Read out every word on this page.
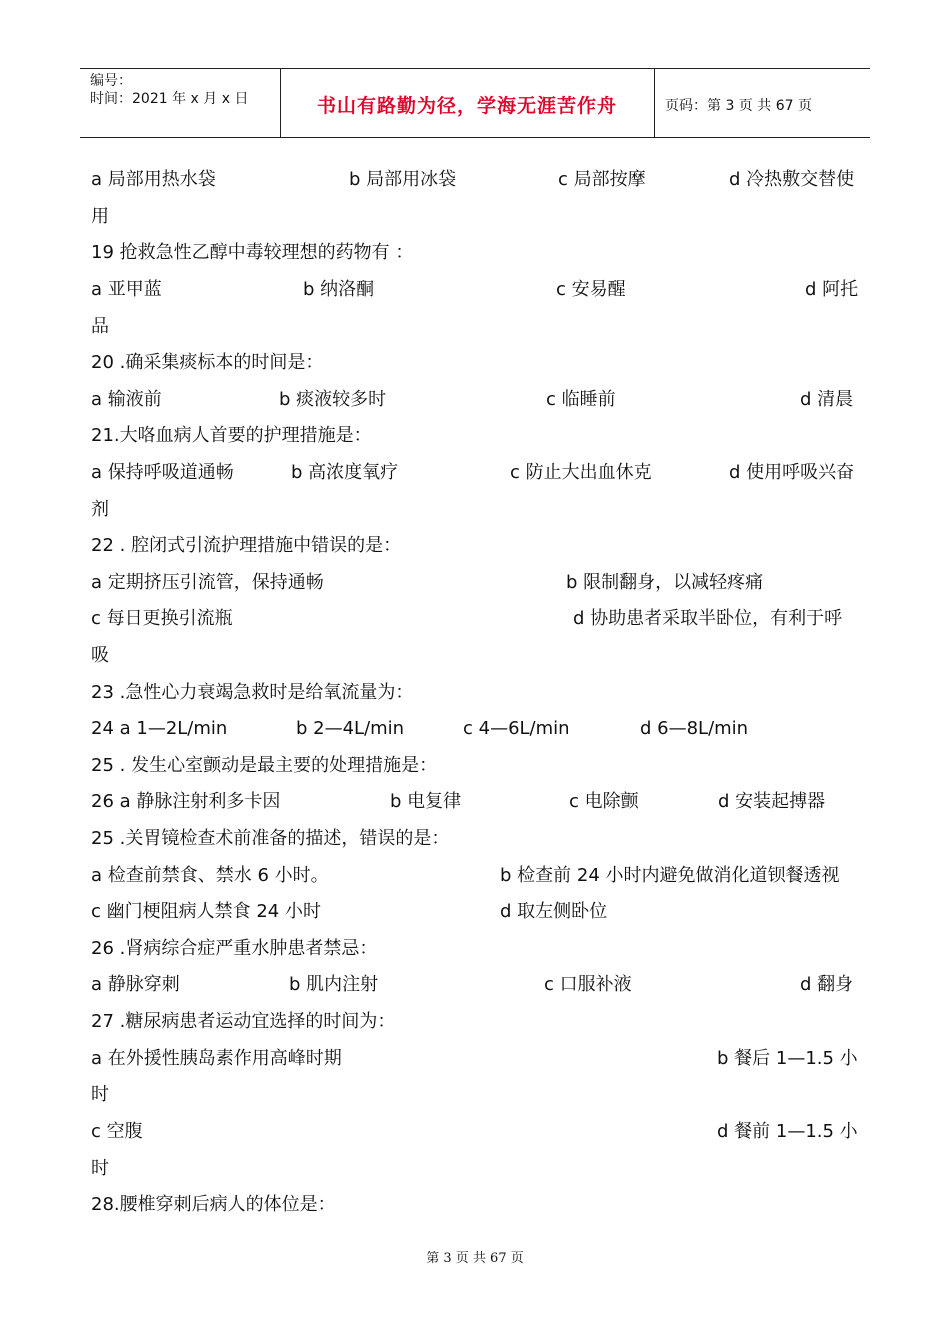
编号：
时间：2021 年 x 月 x 日	书山有路勤为径，学海无涯苦作舟	页码：第 3 页 共 67 页
a 局部用热水袋	b 局部用冰袋	c 局部按摩	d 冷热敷交替使
用
19 抢救急性乙醇中毒较理想的药物有 ：
a 亚甲蓝	b 纳洛酮	c 安易醒	d 阿托
品
20 .确采集痰标本的时间是：
a 输液前	b 痰液较多时	c 临睡前	d 清晨
21.大咯血病人首要的护理措施是：
a 保持呼吸道通畅	b 高浓度氧疗	c 防止大出血休克	d 使用呼吸兴奋
剂
22 . 腔闭式引流护理措施中错误的是：
a 定期挤压引流管，保持通畅	b 限制翻身，以减轻疼痛
c 每日更换引流瓶	d 协助患者采取半卧位，有利于呼
吸
23 .急性心力衰竭急救时是给氧流量为：
24 a 1—2L/min	b 2—4L/min	c 4—6L/min	d 6—8L/min
25 . 发生心室颤动是最主要的处理措施是：
26 a 静脉注射利多卡因	b 电复律	c 电除颤	d 安装起搏器
25 .关胃镜检查术前准备的描述，错误的是：
a 检查前禁食、禁水 6 小时。	b 检查前 24 小时内避免做消化道钡餐透视
c 幽门梗阻病人禁食 24 小时	d 取左侧卧位
26 .肾病综合症严重水肿患者禁忌：
a 静脉穿刺	b 肌内注射	c 口服补液	d 翻身
27 .糖尿病患者运动宜选择的时间为：
a 在外援性胰岛素作用高峰时期	b 餐后 1—1.5 小
时
c 空腹	d 餐前 1—1.5 小
时
28.腰椎穿刺后病人的体位是：
第 3 页 共 67 页
